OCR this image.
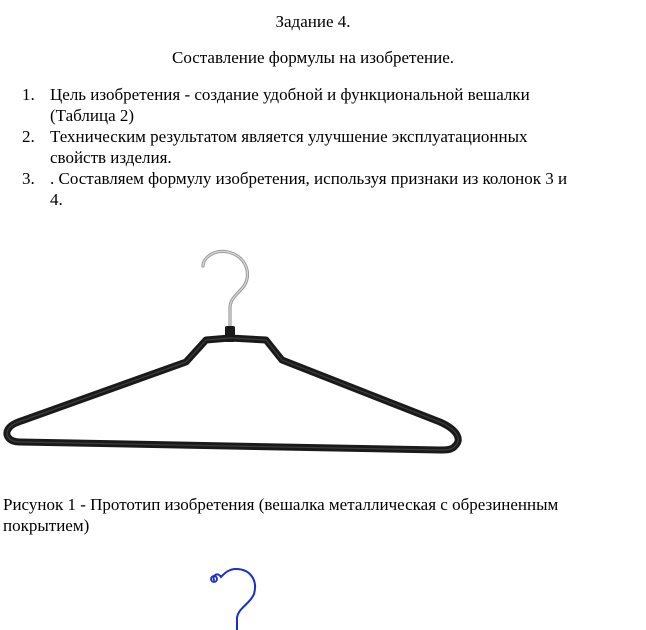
Задание 4.
Составление формулы на изобретение.
1. Цель изобретения - создание удобной и функциональной вешалки
(Таблица 2)
2. Техническим результатом является улучшение эксплуатационных
свойств изделия.
3. . Составляем формулу изобретения, используя признаки из колонок 3 и
4.
Рисунок 1 - Прототип изобретения (вешалка металлическая с обрезиненным
покрытием)
